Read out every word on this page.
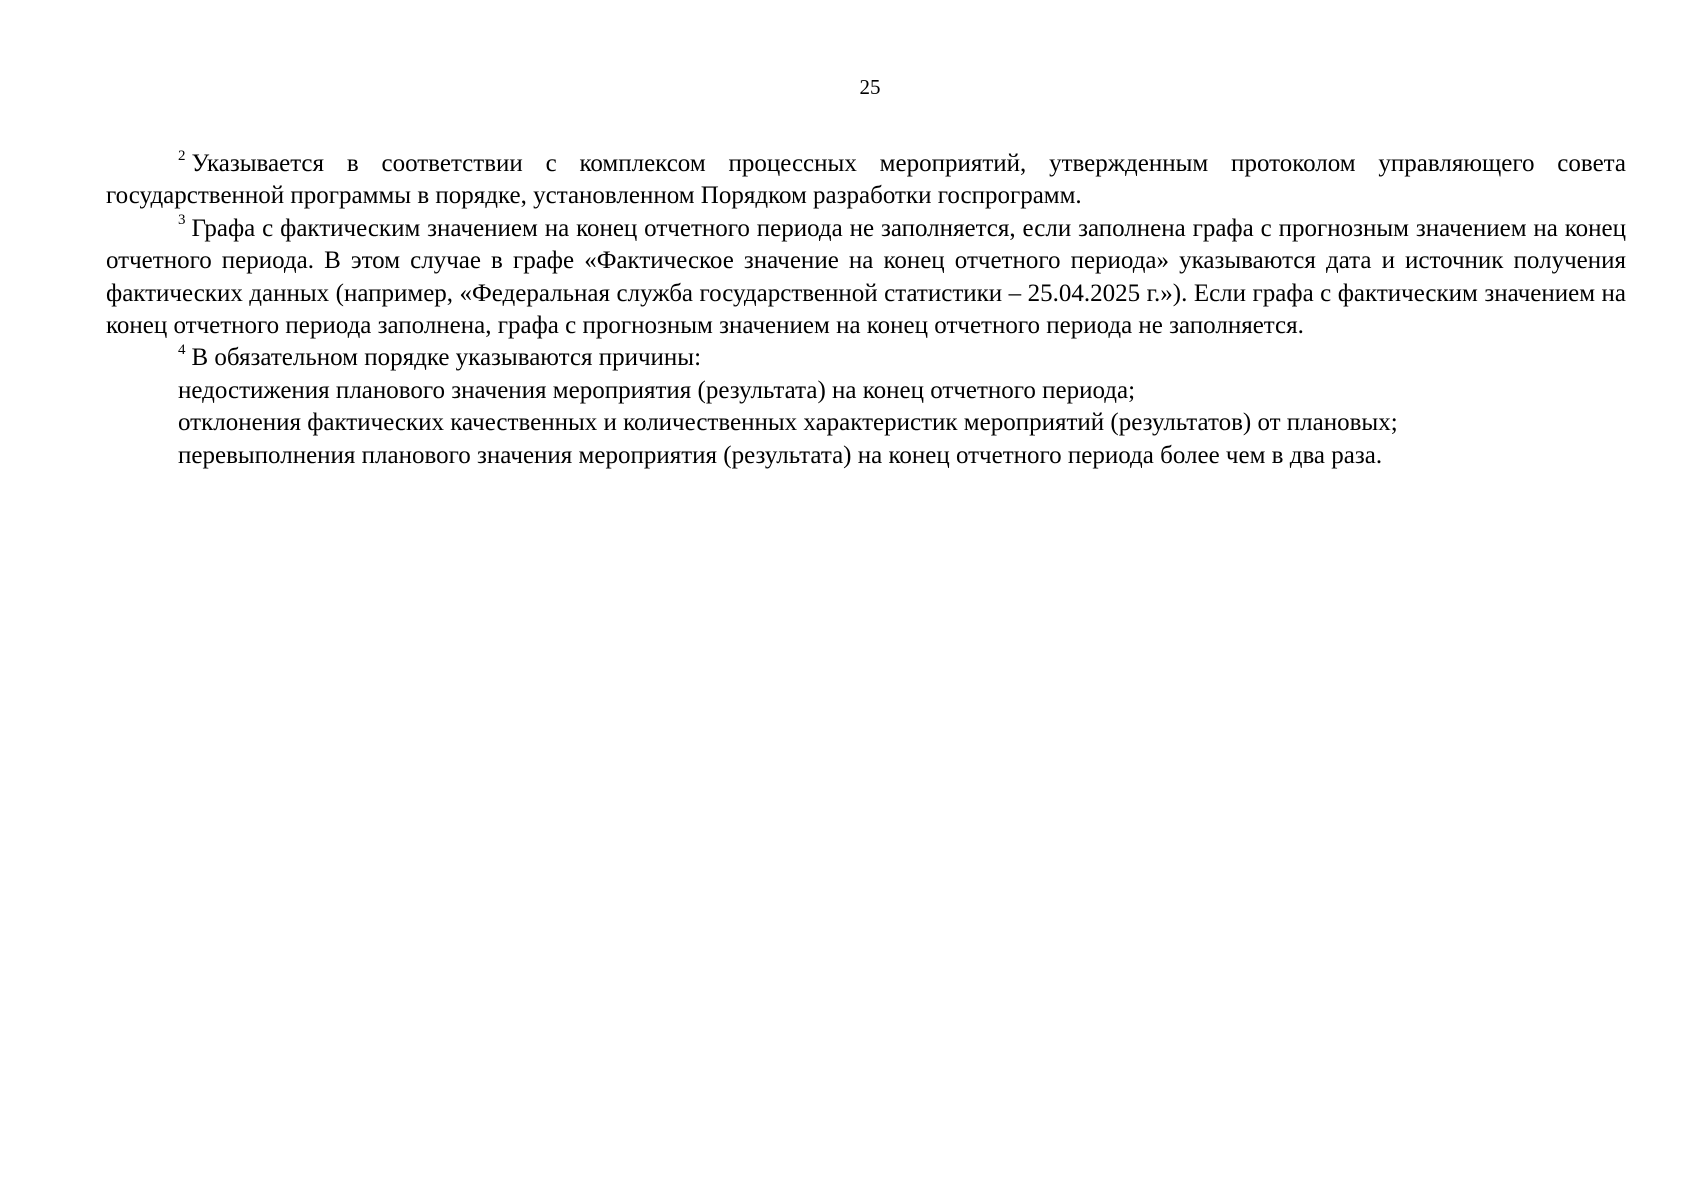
25

$^2$ Указывается в соответствии с комплексом процессных мероприятий, утвержденным протоколом управляющего совета государственной программы в порядке, установленном Порядком разработки госпрограмм.

$^3$ Графа с фактическим значением на конец отчетного периода не заполняется, если заполнена графа с прогнозным значением на конец отчетного периода. В этом случае в графе «Фактическое значение на конец отчетного периода» указываются дата и источник получения фактических данных (например, «Федеральная служба государственной статистики – 25.04.2025 г.»). Если графа с фактическим значением на конец отчетного периода заполнена, графа с прогнозным значением на конец отчетного периода не заполняется.

$^4$ В обязательном порядке указываются причины:

недостижения планового значения мероприятия (результата) на конец отчетного периода;

отклонения фактических качественных и количественных характеристик мероприятий (результатов) от плановых;

перевыполнения планового значения мероприятия (результата) на конец отчетного периода более чем в два раза.
